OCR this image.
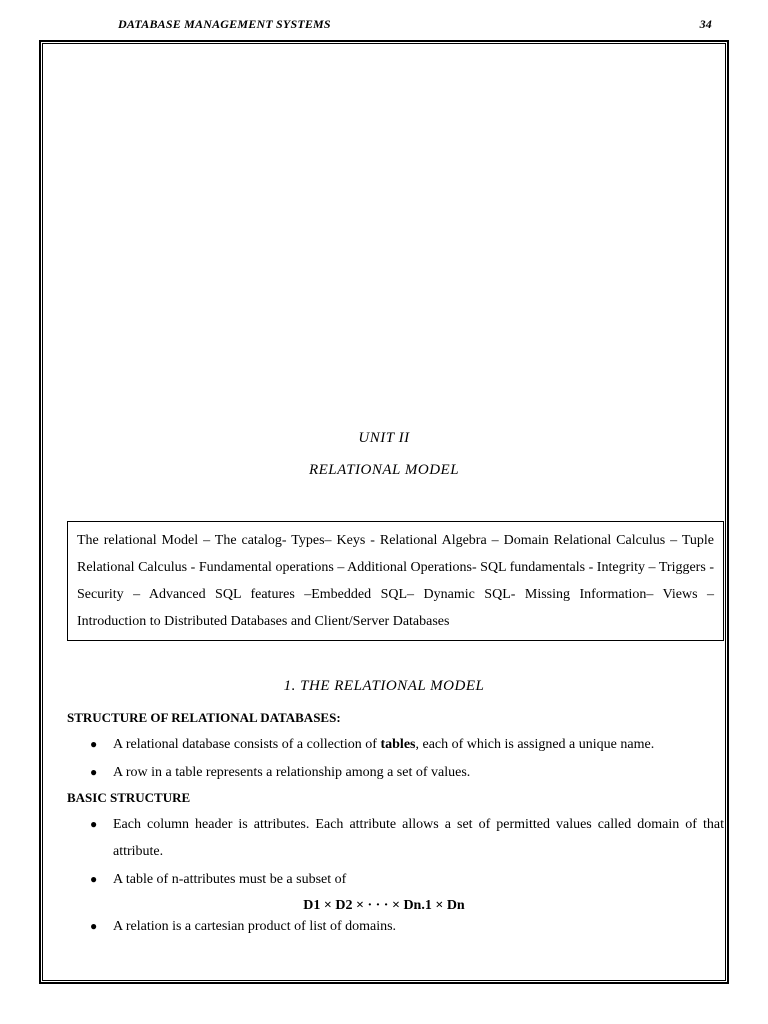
DATABASE MANAGEMENT SYSTEMS	34
UNIT II
RELATIONAL MODEL
The relational Model – The catalog- Types– Keys - Relational Algebra – Domain Relational Calculus – Tuple Relational Calculus - Fundamental operations – Additional Operations- SQL fundamentals - Integrity – Triggers - Security – Advanced SQL features –Embedded SQL– Dynamic SQL- Missing Information– Views – Introduction to Distributed Databases and Client/Server Databases
1. THE RELATIONAL MODEL
STRUCTURE OF RELATIONAL DATABASES:
● A relational database consists of a collection of tables, each of which is assigned a unique name.
● A row in a table represents a relationship among a set of values.
BASIC STRUCTURE
● Each column header is attributes. Each attribute allows a set of permitted values called domain of that attribute.
● A table of n-attributes must be a subset of
D1 × D2 × · · · × Dn.1 × Dn
● A relation is a cartesian product of list of domains.
